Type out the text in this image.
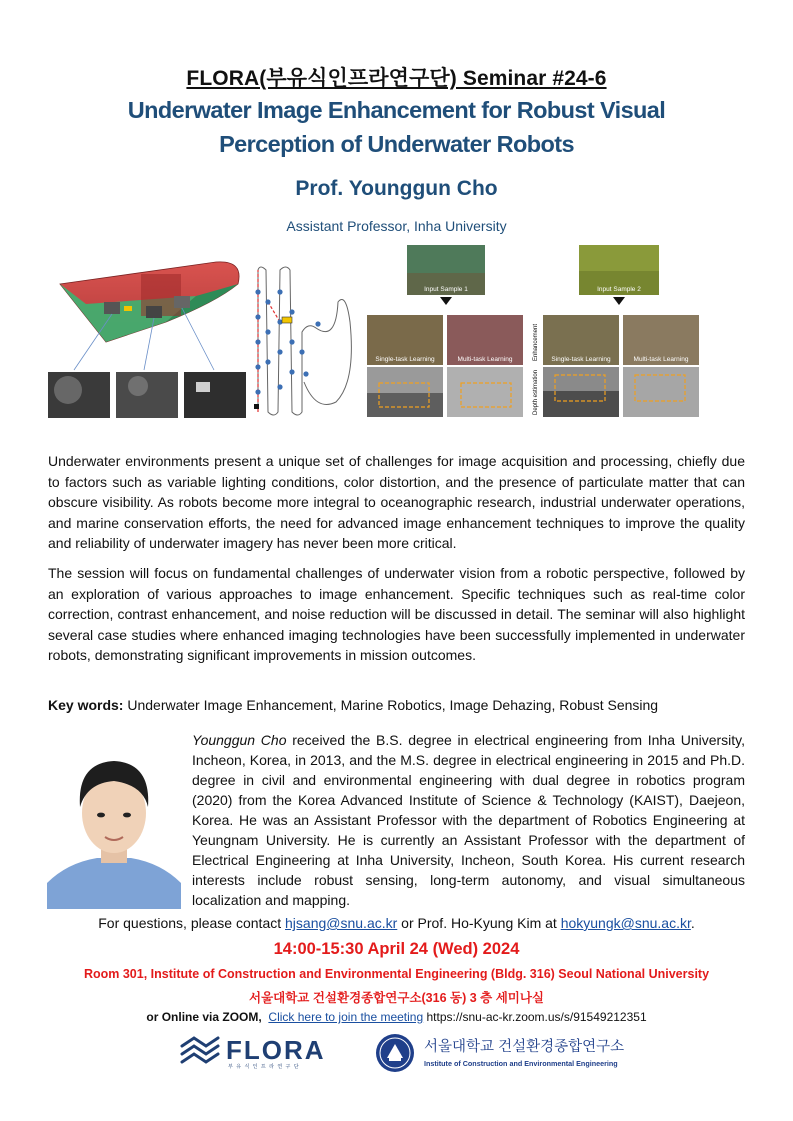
FLORA(부유식인프라연구단) Seminar #24-6
Underwater Image Enhancement for Robust Visual
Perception of Underwater Robots
Prof. Younggun Cho
Assistant Professor, Inha University
Input Sample 1	Input Sample 2
Single-task Learning	Multi-task Learning	Single-task Learning	Multi-task Learning
Enhancement
Depth estimation
Underwater environments present a unique set of challenges for image acquisition and processing, chiefly due to factors such as variable lighting conditions, color distortion, and the presence of particulate matter that can obscure visibility. As robots become more integral to oceanographic research, industrial underwater operations, and marine conservation efforts, the need for advanced image enhancement techniques to improve the quality and reliability of underwater imagery has never been more critical.
The session will focus on fundamental challenges of underwater vision from a robotic perspective, followed by an exploration of various approaches to image enhancement. Specific techniques such as real-time color correction, contrast enhancement, and noise reduction will be discussed in detail. The seminar will also highlight several case studies where enhanced imaging technologies have been successfully implemented in underwater robots, demonstrating significant improvements in mission outcomes.
Key words: Underwater Image Enhancement, Marine Robotics, Image Dehazing, Robust Sensing
Younggun Cho received the B.S. degree in electrical engineering from Inha University, Incheon, Korea, in 2013, and the M.S. degree in electrical engineering in 2015 and Ph.D. degree in civil and environmental engineering with dual degree in robotics program (2020) from the Korea Advanced Institute of Science & Technology (KAIST), Daejeon, Korea. He was an Assistant Professor with the department of Robotics Engineering at Yeungnam University. He is currently an Assistant Professor with the department of Electrical Engineering at Inha University, Incheon, South Korea. His current research interests include robust sensing, long-term autonomy, and visual simultaneous localization and mapping.
For questions, please contact hjsang@snu.ac.kr or Prof. Ho-Kyung Kim at hokyungk@snu.ac.kr.
14:00-15:30 April 24 (Wed) 2024
Room 301, Institute of Construction and Environmental Engineering (Bldg. 316) Seoul National University
서울대학교 건설환경종합연구소(316 동) 3 층 세미나실
or Online via ZOOM, Click here to join the meeting https://snu-ac-kr.zoom.us/s/91549212351
FLORA
부 유 식 인 프 라 연 구 단
서울대학교 건설환경종합연구소
Institute of Construction and Environmental Engineering
